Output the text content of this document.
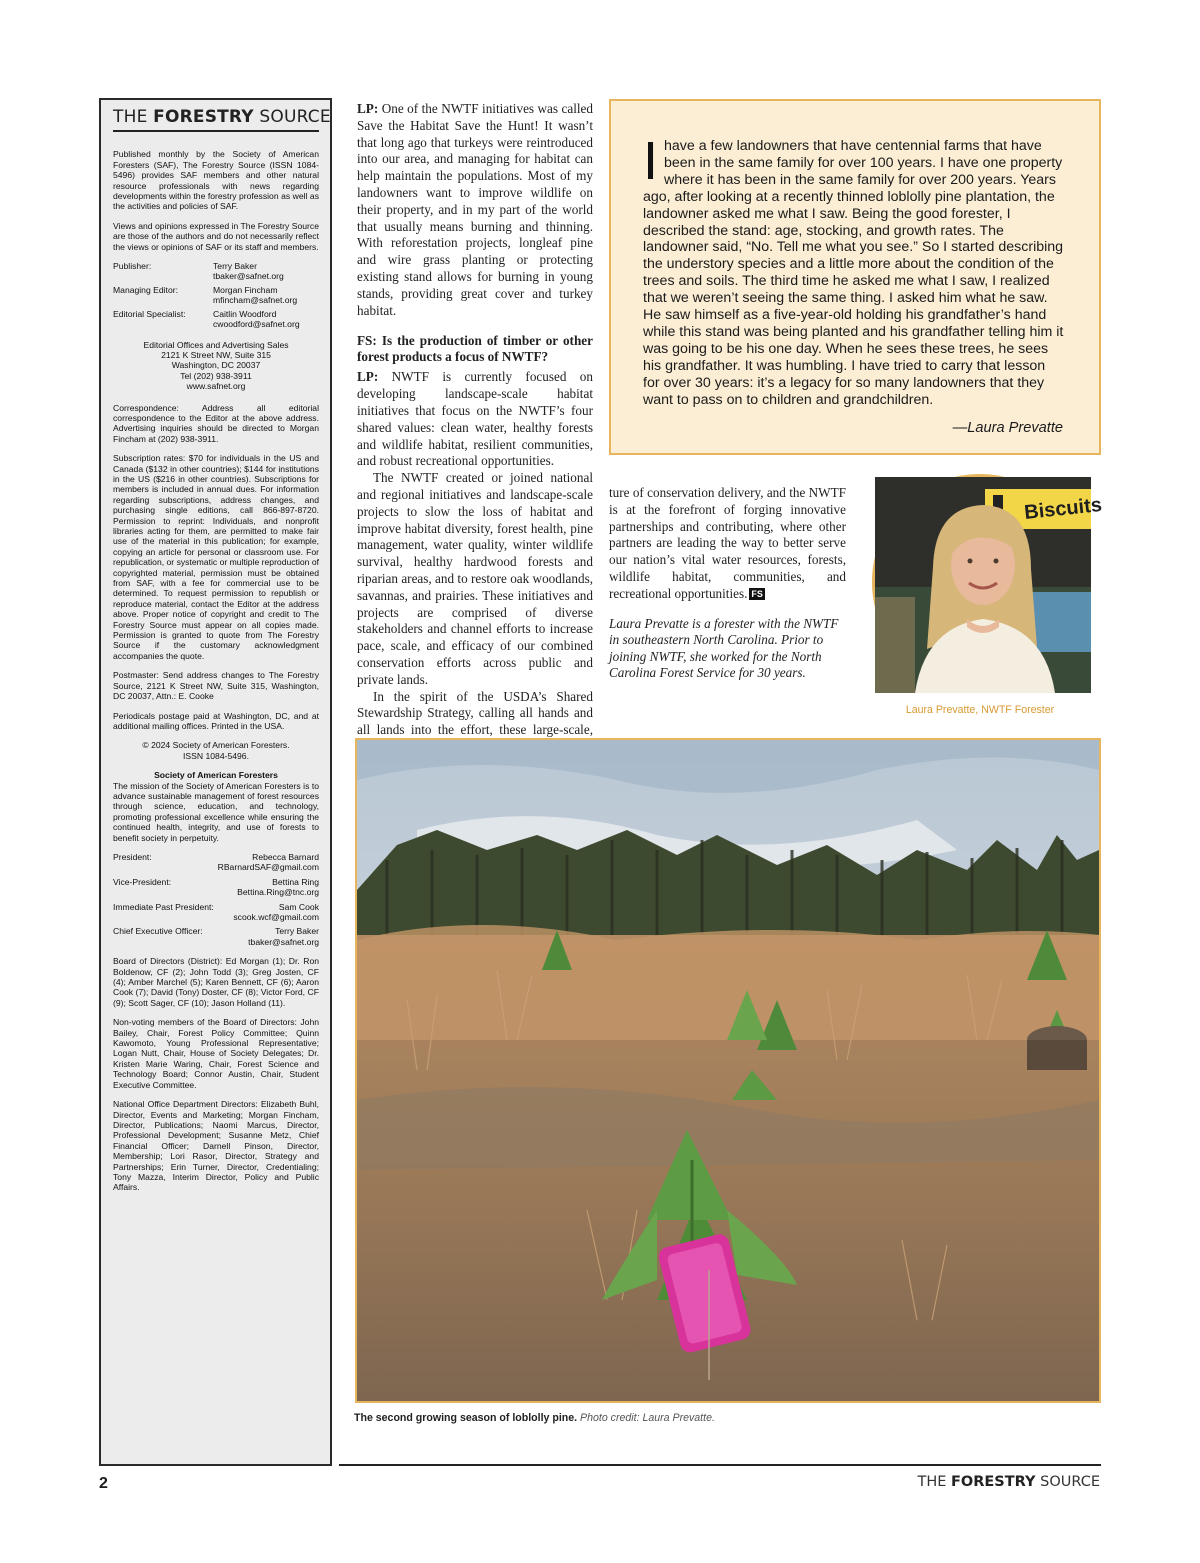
THE FORESTRY SOURCE

Published monthly by the Society of American Foresters (SAF), The Forestry Source (ISSN 1084-5496) provides SAF members and other natural resource professionals with news regarding developments within the forestry profession as well as the activities and policies of SAF.

Views and opinions expressed in The Forestry Source are those of the authors and do not necessarily reflect the views or opinions of SAF or its staff and members.

Publisher:	Terry Baker
tbaker@safnet.org
Managing Editor:	Morgan Fincham
mfincham@safnet.org
Editorial Specialist:	Caitlin Woodford
cwoodford@safnet.org
Editorial Offices and Advertising Sales
2121 K Street NW, Suite 315
Washington, DC 20037
Tel (202) 938-3911
www.safnet.org

Correspondence: Address all editorial correspondence to the Editor at the above address. Advertising inquiries should be directed to Morgan Fincham at (202) 938-3911.

Subscription rates: $70 for individuals in the US and Canada ($132 in other countries); $144 for institutions in the US ($216 in other countries). Subscriptions for members is included in annual dues. For information regarding subscriptions, address changes, and purchasing single editions, call 866-897-8720. Permission to reprint: Individuals, and nonprofit libraries acting for them, are permitted to make fair use of the material in this publication; for example, copying an article for personal or classroom use. For republication, or systematic or multiple reproduction of copyrighted material, permission must be obtained from SAF, with a fee for commercial use to be determined. To request permission to republish or reproduce material, contact the Editor at the address above. Proper notice of copyright and credit to The Forestry Source must appear on all copies made. Permission is granted to quote from The Forestry Source if the customary acknowledgment accompanies the quote.

Postmaster: Send address changes to The Forestry Source, 2121 K Street NW, Suite 315, Washington, DC 20037, Attn.: E. Cooke

Periodicals postage paid at Washington, DC, and at additional mailing offices. Printed in the USA.

© 2024 Society of American Foresters.
ISSN 1084-5496.
Society of American Foresters

The mission of the Society of American Foresters is to advance sustainable management of forest resources through science, education, and technology, promoting professional excellence while ensuring the continued health, integrity, and use of forests to benefit society in perpetuity.

President:	Rebecca Barnard
RBarnardSAF@gmail.com
Vice-President:	Bettina Ring
Bettina.Ring@tnc.org
Immediate Past President:	Sam Cook
scook.wcf@gmail.com
Chief Executive Officer:	Terry Baker
tbaker@safnet.org

Board of Directors (District): Ed Morgan (1); Dr. Ron Boldenow, CF (2); John Todd (3); Greg Josten, CF (4); Amber Marchel (5); Karen Bennett, CF (6); Aaron Cook (7); David (Tony) Doster, CF (8); Victor Ford, CF (9); Scott Sager, CF (10); Jason Holland (11).

Non-voting members of the Board of Directors: John Bailey, Chair, Forest Policy Committee; Quinn Kawomoto, Young Professional Representative; Logan Nutt, Chair, House of Society Delegates; Dr. Kristen Marie Waring, Chair, Forest Science and Technology Board; Connor Austin, Chair, Student Executive Committee.

National Office Department Directors: Elizabeth Buhl, Director, Events and Marketing; Morgan Fincham, Director, Publications; Naomi Marcus, Director, Professional Development; Susanne Metz, Chief Financial Officer; Darnell Pinson, Director, Membership; Lori Rasor, Director, Strategy and Partnerships; Erin Turner, Director, Credentialing; Tony Mazza, Interim Director, Policy and Public Affairs.

LP: One of the NWTF initiatives was called Save the Habitat Save the Hunt! It wasn’t that long ago that turkeys were reintroduced into our area, and managing for habitat can help maintain the populations. Most of my landowners want to improve wildlife on their property, and in my part of the world that usually means burning and thinning. With reforestation projects, longleaf pine and wire grass planting or protecting existing stand allows for burning in young stands, providing great cover and turkey habitat.

FS: Is the production of timber or other forest products a focus of NWTF?

LP: NWTF is currently focused on developing landscape-scale habitat initiatives that focus on the NWTF’s four shared values: clean water, healthy forests and wildlife habitat, resilient communities, and robust recreational opportunities.

The NWTF created or joined national and regional initiatives and landscape-scale projects to slow the loss of habitat and improve habitat diversity, forest health, pine management, water quality, winter wildlife survival, healthy hardwood forests and riparian areas, and to restore oak woodlands, savannas, and prairies. These initiatives and projects are comprised of diverse stakeholders and channel efforts to increase pace, scale, and efficacy of our combined conservation efforts across public and private lands.

In the spirit of the USDA’s Shared Stewardship Strategy, calling all hands and all lands into the effort, these large-scale,

ture of conservation delivery, and the NWTF is at the forefront of forging innovative partnerships and contributing, where other partners are leading the way to better serve our nation’s vital water resources, forests, wildlife habitat, communities, and recreational opportunities. FS

Laura Prevatte is a forester with the NWTF in southeastern North Carolina. Prior to joining NWTF, she worked for the North Carolina Forest Service for 30 years.

I have a few landowners that have centennial farms that have been in the same family for over 100 years. I have one property where it has been in the same family for over 200 years. Years ago, after looking at a recently thinned loblolly pine plantation, the landowner asked me what I saw. Being the good forester, I described the stand: age, stocking, and growth rates. The landowner said, “No. Tell me what you see.” So I started describing the understory species and a little more about the condition of the trees and soils. The third time he asked me what I saw, I realized that we weren’t seeing the same thing. I asked him what he saw. He saw himself as a five-year-old holding his grandfather’s hand while this stand was being planted and his grandfather telling him it was going to be his one day. When he sees these trees, he sees his grandfather. It was humbling. I have tried to carry that lesson for over 30 years: it’s a legacy for so many landowners that they want to pass on to children and grandchildren.
—Laura Prevatte
Biscuits
Laura Prevatte, NWTF Forester
The second growing season of loblolly pine. Photo credit: Laura Prevatte.
2	THE FORESTRY SOURCE
